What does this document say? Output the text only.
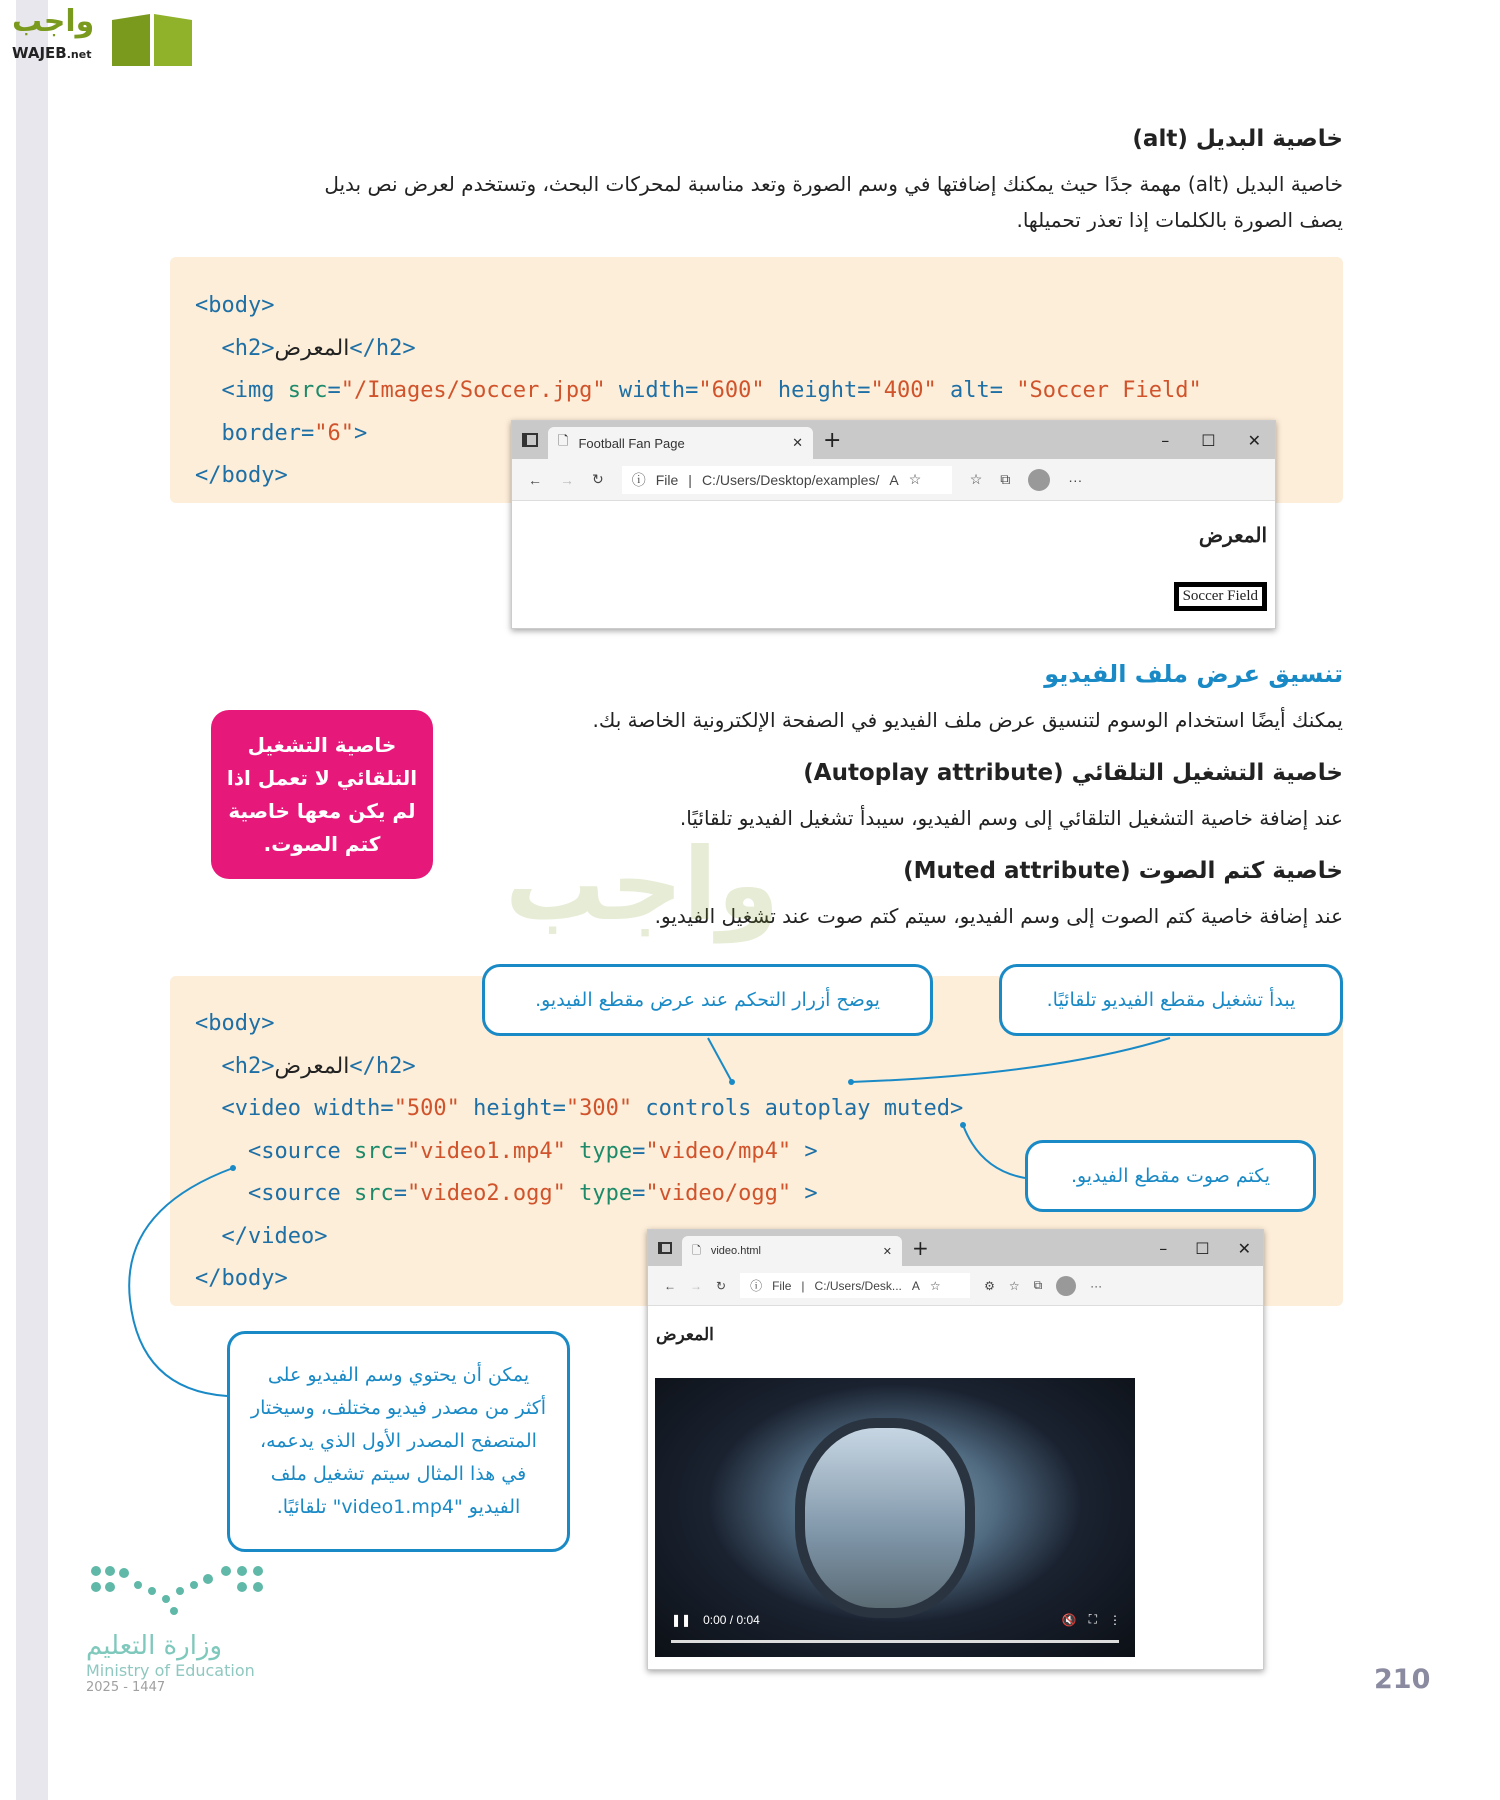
واجب
WAJEB.net
خاصية البديل (alt)
خاصية البديل (alt) مهمة جدًا حيث يمكنك إضافتها في وسم الصورة وتعد مناسبة لمحركات البحث، وتستخدم لعرض نص بديل
يصف الصورة بالكلمات إذا تعذر تحميلها.
<body>
<h2>المعرض</h2>
<img src="/Images/Soccer.jpg" width="600" height="400" alt= "Soccer Field"
border="6">
</body>
🗋 Football Fan Page	✕ +	– ☐ ✕
← → ↻ ⓘ File | C:/Users/Desktop/examples/ A ☆	☆ ⧉	···
المعرض
Soccer Field
تنسيق عرض ملف الفيديو
يمكنك أيضًا استخدام الوسوم لتنسيق عرض ملف الفيديو في الصفحة الإلكترونية الخاصة بك.
خاصية التشغيل التلقائي (Autoplay attribute)
عند إضافة خاصية التشغيل التلقائي إلى وسم الفيديو، سيبدأ تشغيل الفيديو تلقائيًا.
خاصية كتم الصوت (Muted attribute)
عند إضافة خاصية كتم الصوت إلى وسم الفيديو، سيتم كتم صوت عند تشغيل الفيديو.
خاصية التشغيل التلقائي لا تعمل اذا لم يكن معها خاصية كتم الصوت.	واجب
<body>
<h2>المعرض</h2>
<video width="500" height="300" controls autoplay muted>
<source src="video1.mp4" type="video/mp4" >
<source src="video2.ogg" type="video/ogg" >
</video>
</body>
يوضح أزرار التحكم عند عرض مقطع الفيديو.	يبدأ تشغيل مقطع الفيديو تلقائيًا.
يكتم صوت مقطع الفيديو.
يمكن أن يحتوي وسم الفيديو على أكثر من مصدر فيديو مختلف، وسيختار المتصفح المصدر الأول الذي يدعمه، في هذا المثال سيتم تشغيل ملف الفيديو "video1.mp4" تلقائيًا.
🗋 video.html	✕ +	– ☐ ✕
← → ↻ ⓘ File | C:/Users/Desk... A ☆	⚙ ☆ ⧉	···
المعرض
❚❚ 0:00 / 0:04	🔇 ⛶ ⋮
وزارة التعليم
Ministry of Education
2025 - 1447	210
